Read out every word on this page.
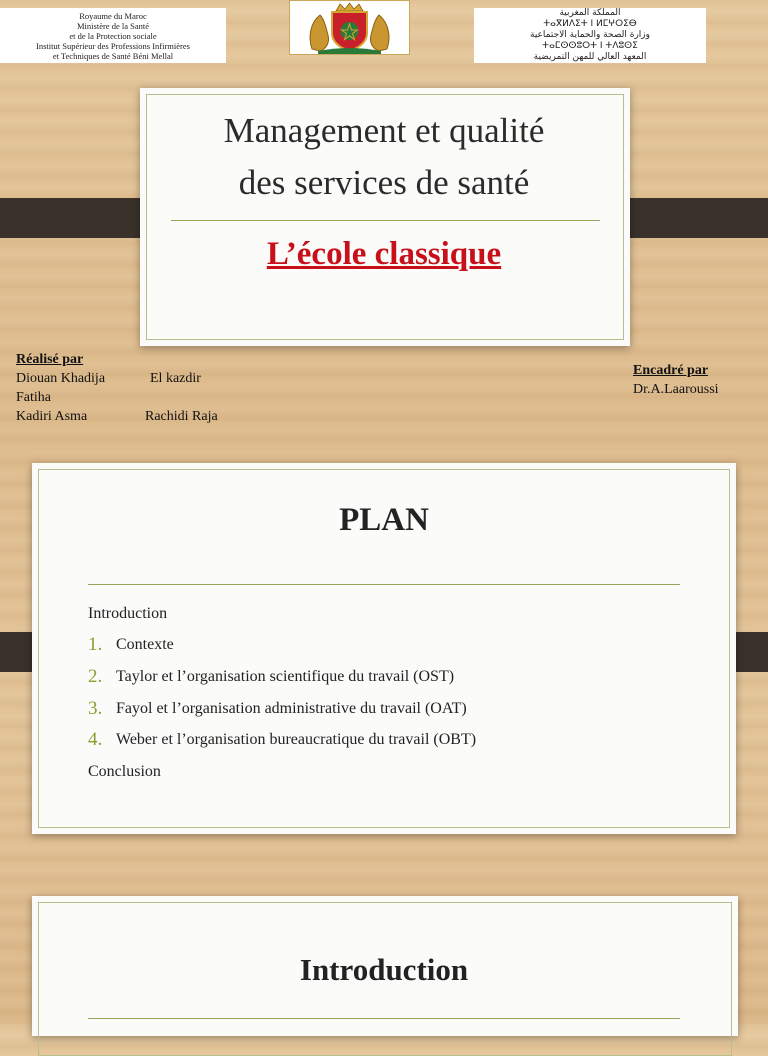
Royaume du Maroc
Ministère de la Santé
et de la Protection sociale
Institut Supérieur des Professions Infirmières
et Techniques de Santé Béni Mellal
المملكة المغربية
ⵜⴰⴳⵍⴷⵉⵜ ⵏ ⵍⵎⵖⵔⵉⴱ
وزارة الصحة والحماية الاجتماعية
ⵜⴰⵎⵙⵙⵓⵔⵜ ⵏ ⵜⴷⵓⵙⵉ
المعهد العالي للمهن التمريضية
Management et qualité
des services de santé
L’école classique
Réalisé par
Diouan Khadija	El kazdir
Fatiha
Kadiri Asma	Rachidi Raja
Encadré par
Dr.A.Laaroussi
PLAN
Introduction
1. Contexte
2. Taylor et l’organisation scientifique du travail (OST)
3. Fayol et l’organisation administrative du travail (OAT)
4. Weber et l’organisation bureaucratique du travail (OBT)
Conclusion
Introduction
